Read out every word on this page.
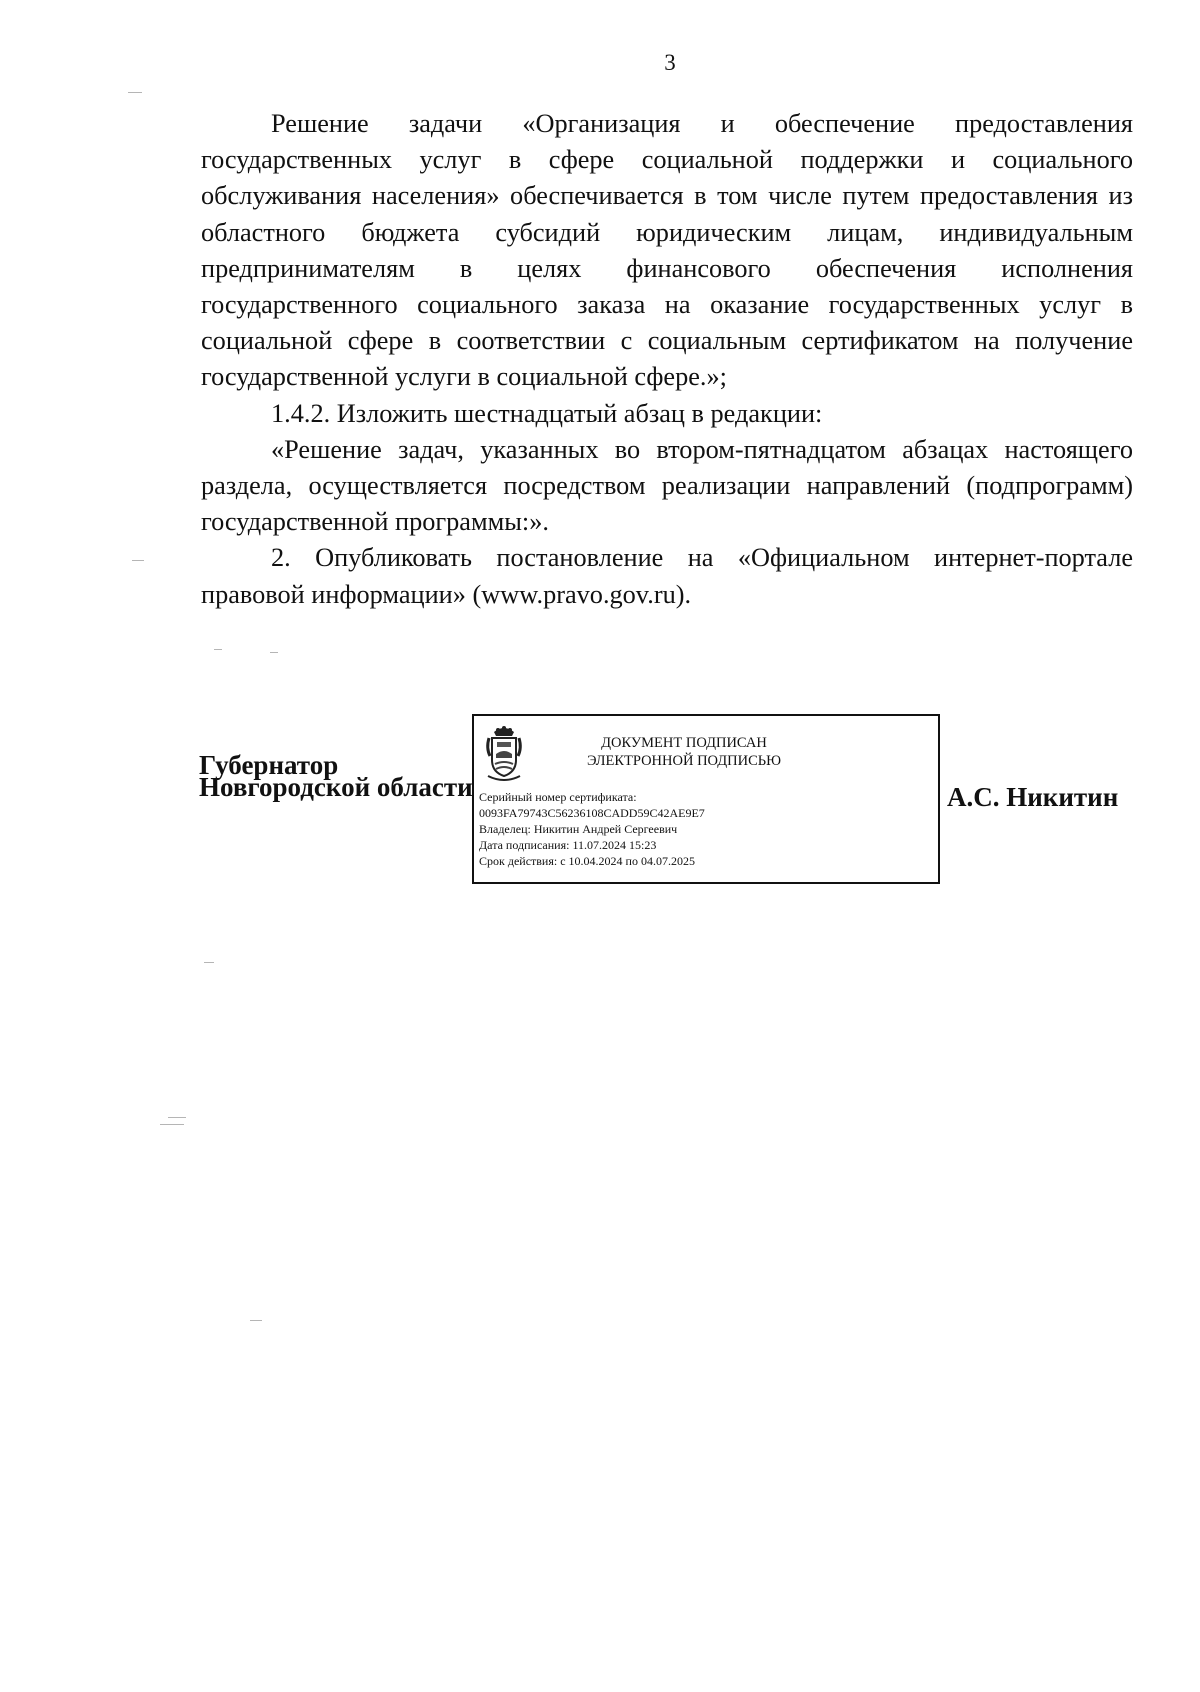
3

Решение задачи «Организация и обеспечение предоставления государственных услуг в сфере социальной поддержки и социального обслуживания населения» обеспечивается в том числе путем предоставления из областного бюджета субсидий юридическим лицам, индивидуальным предпринимателям в целях финансового обеспечения исполнения государственного социального заказа на оказание государственных услуг в социальной сфере в соответствии с социальным сертификатом на получение государственной услуги в социальной сфере.»;

1.4.2. Изложить шестнадцатый абзац в редакции:

«Решение задач, указанных во втором-пятнадцатом абзацах настоящего раздела, осуществляется посредством реализации направлений (подпрограмм) государственной программы:».

2. Опубликовать постановление на «Официальном интернет-портале правовой информации» (www.pravo.gov.ru).

Губернатор
Новгородской области
ДОКУМЕНТ ПОДПИСАН
ЭЛЕКТРОННОЙ ПОДПИСЬЮ
Серийный номер сертификата:
0093FA79743C56236108CADD59C42AE9E7
Владелец: Никитин Андрей Сергеевич
Дата подписания: 11.07.2024 15:23
Срок действия: с 10.04.2024 по 04.07.2025
А.С. Никитин
